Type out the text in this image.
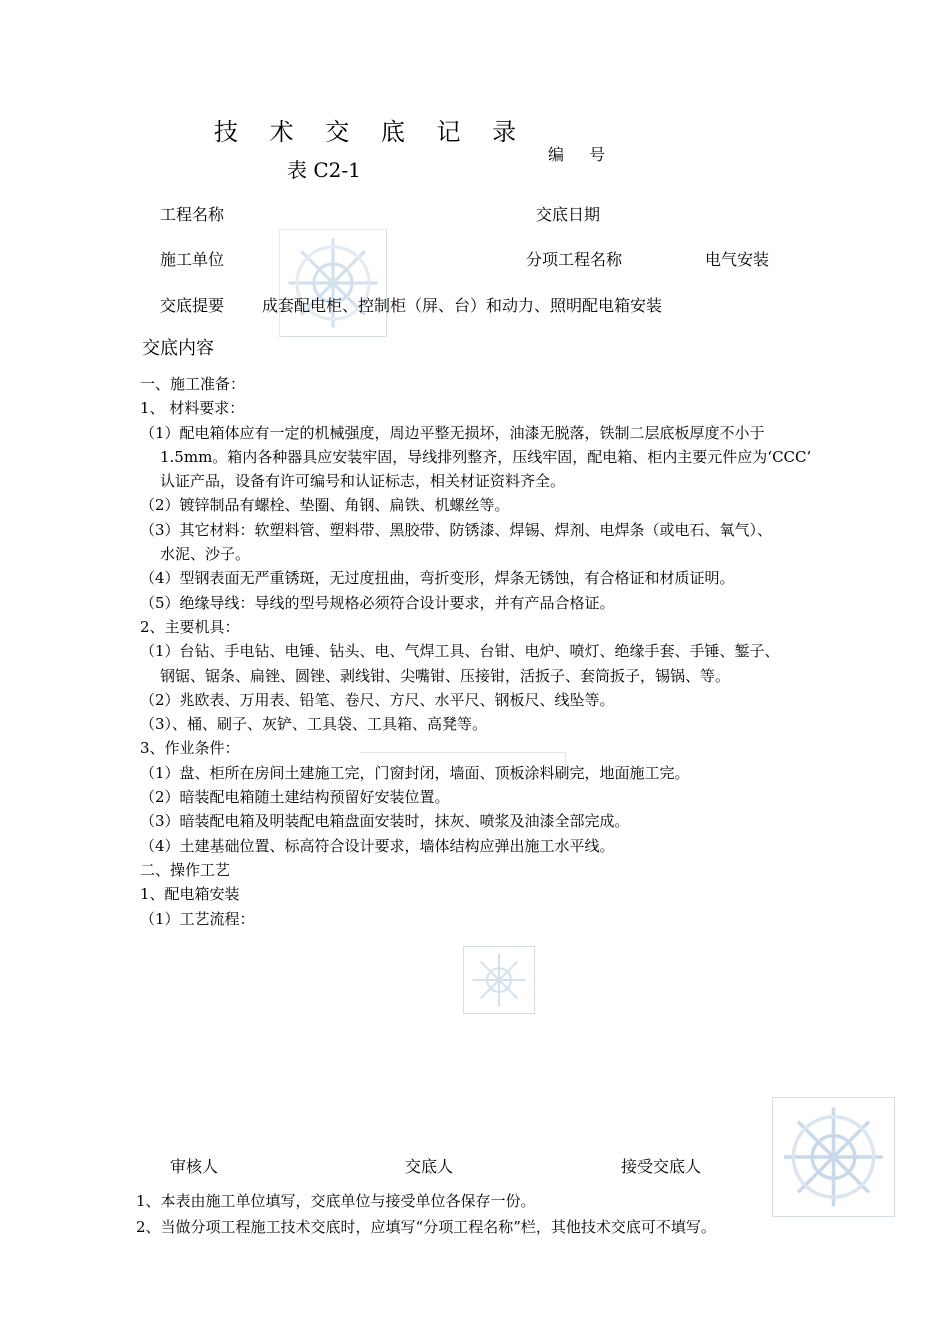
技 术 交 底 记 录
表 C2-1
编 号
工程名称	交底日期
施工单位	分项工程名称	电气安装
交底提要 成套配电柜、控制柜（屏、台）和动力、照明配电箱安装
交底内容
一、施工准备：
1、 材料要求：
（1）配电箱体应有一定的机械强度，周边平整无损坏，油漆无脱落，铁制二层底板厚度不小于
1.5mm。箱内各种器具应安装牢固，导线排列整齐，压线牢固，配电箱、柜内主要元件应为‘CCC’
认证产品，设备有许可编号和认证标志，相关材证资料齐全。
（2）镀锌制品有螺栓、垫圈、角钢、扁铁、机螺丝等。
（3）其它材料：软塑料管、塑料带、黑胶带、防锈漆、焊锡、焊剂、电焊条（或电石、氧气）、
水泥、沙子。
（4）型钢表面无严重锈斑，无过度扭曲，弯折变形，焊条无锈蚀，有合格证和材质证明。
（5）绝缘导线：导线的型号规格必须符合设计要求，并有产品合格证。
2、主要机具：
（1）台钻、手电钻、电锤、钻头、电、气焊工具、台钳、电炉、喷灯、绝缘手套、手锤、錾子、
钢锯、锯条、扁锉、圆锉、剥线钳、尖嘴钳、压接钳，活扳子、套筒扳子，锡锅、等。
（2）兆欧表、万用表、铅笔、卷尺、方尺、水平尺、钢板尺、线坠等。
（3）、桶、刷子、灰铲、工具袋、工具箱、高凳等。
3、作业条件：
（1）盘、柜所在房间土建施工完，门窗封闭，墙面、顶板涂料刷完，地面施工完。
（2）暗装配电箱随土建结构预留好安装位置。
（3）暗装配电箱及明装配电箱盘面安装时，抹灰、喷浆及油漆全部完成。
（4）土建基础位置、标高符合设计要求，墙体结构应弹出施工水平线。
二、操作工艺
1、配电箱安装
（1）工艺流程：
审核人	交底人	接受交底人
1、本表由施工单位填写，交底单位与接受单位各保存一份。
2、当做分项工程施工技术交底时，应填写“分项工程名称”栏，其他技术交底可不填写。
